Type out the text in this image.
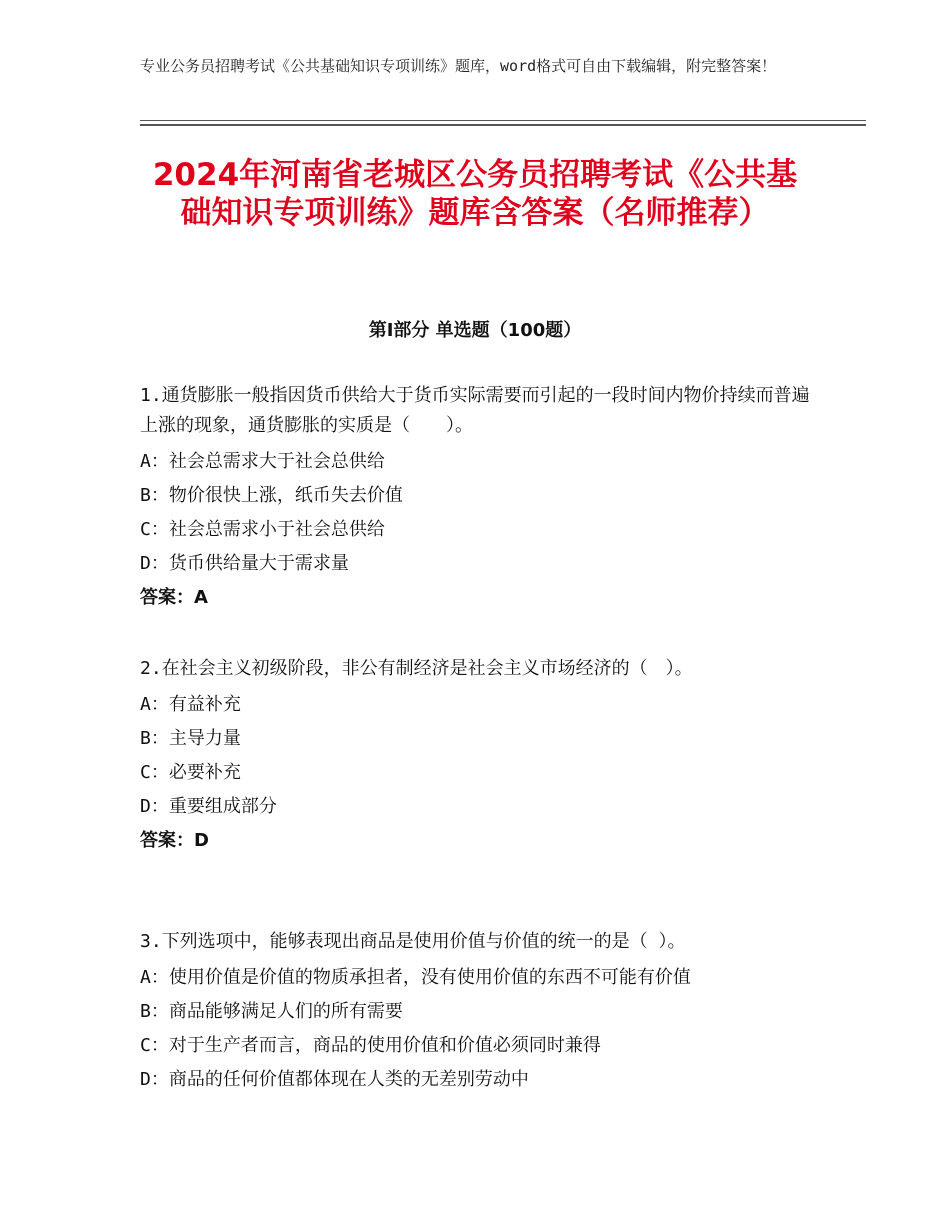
专业公务员招聘考试《公共基础知识专项训练》题库，word格式可自由下载编辑，附完整答案！
2024年河南省老城区公务员招聘考试《公共基础知识专项训练》题库含答案（名师推荐）
第I部分 单选题（100题）
1.通货膨胀一般指因货币供给大于货币实际需要而引起的一段时间内物价持续而普遍上涨的现象，通货膨胀的实质是（　　）。
A：社会总需求大于社会总供给
B：物价很快上涨，纸币失去价值
C：社会总需求小于社会总供给
D：货币供给量大于需求量
答案：A
2.在社会主义初级阶段，非公有制经济是社会主义市场经济的（　）。
A：有益补充
B：主导力量
C：必要补充
D：重要组成部分
答案：D
3.下列选项中，能够表现出商品是使用价值与价值的统一的是（ ）。
A：使用价值是价值的物质承担者，没有使用价值的东西不可能有价值
B：商品能够满足人们的所有需要
C：对于生产者而言，商品的使用价值和价值必须同时兼得
D：商品的任何价值都体现在人类的无差别劳动中
